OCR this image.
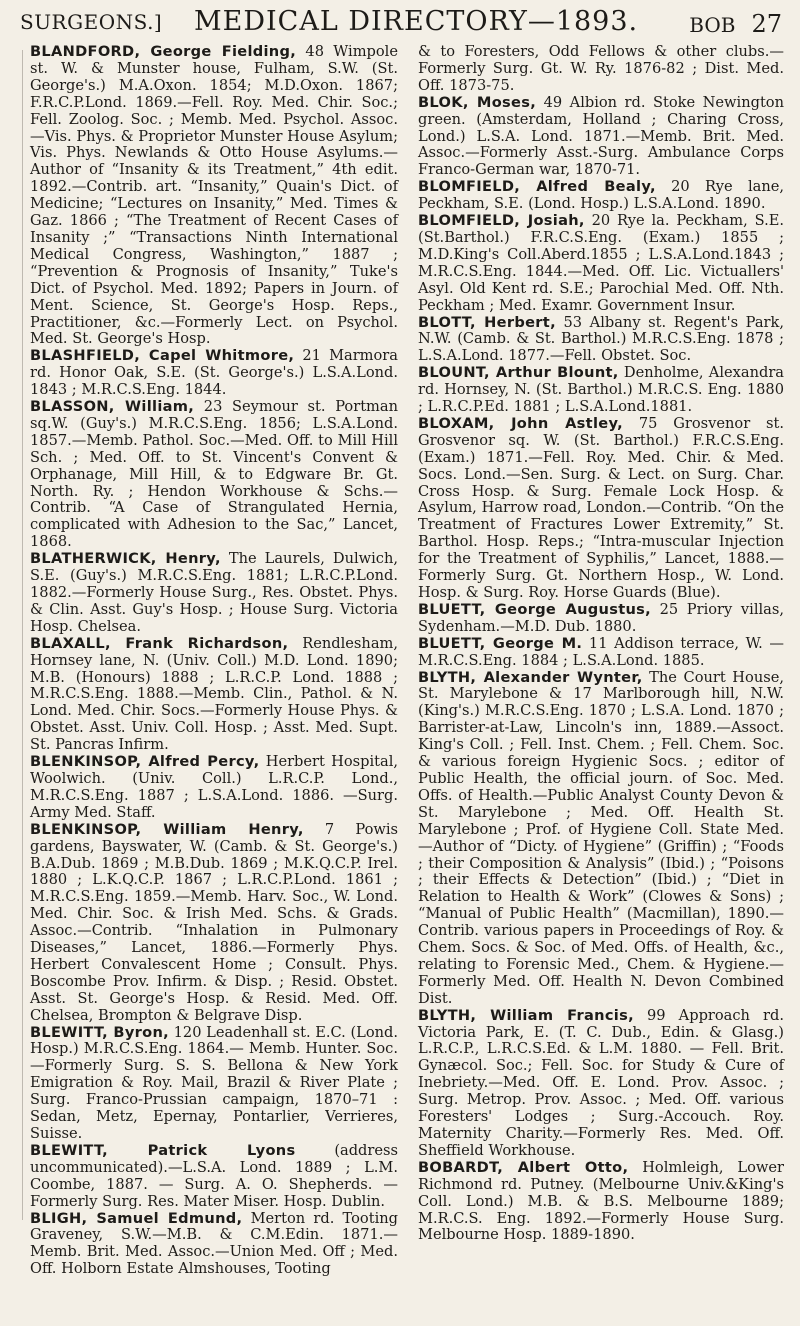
SURGEONS.] MEDICAL DIRECTORY—1893.	BOB 27

BLANDFORD, George Fielding, 48 Wimpole st. W. & Munster house, Fulham, S.W. (St. George's.) M.A.Oxon. 1854; M.D.Oxon. 1867; F.R.C.P.Lond. 1869.—Fell. Roy. Med. Chir. Soc.; Fell. Zoolog. Soc. ; Memb. Med. Psychol. Assoc. —Vis. Phys. & Proprietor Munster House Asylum; Vis. Phys. Newlands & Otto House Asylums.— Author of “Insanity & its Treatment,” 4th edit. 1892.—Contrib. art. “Insanity,” Quain's Dict. of Medicine; “Lectures on Insanity,” Med. Times & Gaz. 1866 ; “The Treatment of Recent Cases of Insanity ;” “Transactions Ninth International Medical Congress, Washington,” 1887 ; “Prevention & Prognosis of Insanity,” Tuke's Dict. of Psychol. Med. 1892; Papers in Journ. of Ment. Science, St. George's Hosp. Reps., Practitioner, &c.—Formerly Lect. on Psychol. Med. St. George's Hosp.

BLASHFIELD, Capel Whitmore, 21 Marmora rd. Honor Oak, S.E. (St. George's.) L.S.A.Lond. 1843 ; M.R.C.S.Eng. 1844.

BLASSON, William, 23 Seymour st. Portman sq.W. (Guy's.) M.R.C.S.Eng. 1856; L.S.A.Lond. 1857.—Memb. Pathol. Soc.—Med. Off. to Mill Hill Sch. ; Med. Off. to St. Vincent's Convent & Orphanage, Mill Hill, & to Edgware Br. Gt. North. Ry. ; Hendon Workhouse & Schs.—Contrib. “A Case of Strangulated Hernia, complicated with Adhesion to the Sac,” Lancet, 1868.

BLATHERWICK, Henry, The Laurels, Dulwich, S.E. (Guy's.) M.R.C.S.Eng. 1881; L.R.C.P.Lond. 1882.—Formerly House Surg., Res. Obstet. Phys. & Clin. Asst. Guy's Hosp. ; House Surg. Victoria Hosp. Chelsea.

BLAXALL, Frank Richardson, Rendlesham, Hornsey lane, N. (Univ. Coll.) M.D. Lond. 1890; M.B. (Honours) 1888 ; L.R.C.P. Lond. 1888 ; M.R.C.S.Eng. 1888.—Memb. Clin., Pathol. & N. Lond. Med. Chir. Socs.—Formerly House Phys. & Obstet. Asst. Univ. Coll. Hosp. ; Asst. Med. Supt. St. Pancras Infirm.

BLENKINSOP, Alfred Percy, Herbert Hospital, Woolwich. (Univ. Coll.) L.R.C.P. Lond., M.R.C.S.Eng. 1887 ; L.S.A.Lond. 1886. —Surg. Army Med. Staff.

BLENKINSOP, William Henry, 7 Powis gardens, Bayswater, W. (Camb. & St. George's.) B.A.Dub. 1869 ; M.B.Dub. 1869 ; M.K.Q.C.P. Irel. 1880 ; L.K.Q.C.P. 1867 ; L.R.C.P.Lond. 1861 ; M.R.C.S.Eng. 1859.—Memb. Harv. Soc., W. Lond. Med. Chir. Soc. & Irish Med. Schs. & Grads. Assoc.—Contrib. “Inhalation in Pulmonary Diseases,” Lancet, 1886.—Formerly Phys. Herbert Convalescent Home ; Consult. Phys. Boscombe Prov. Infirm. & Disp. ; Resid. Obstet. Asst. St. George's Hosp. & Resid. Med. Off. Chelsea, Brompton & Belgrave Disp.

BLEWITT, Byron, 120 Leadenhall st. E.C. (Lond. Hosp.) M.R.C.S.Eng. 1864.— Memb. Hunter. Soc.—Formerly Surg. S. S. Bellona & New York Emigration & Roy. Mail, Brazil & River Plate ; Surg. Franco-Prussian campaign, 1870–71 : Sedan, Metz, Epernay, Pontarlier, Verrieres, Suisse.

BLEWITT, Patrick Lyons (address uncommunicated).—L.S.A. Lond. 1889 ; L.M. Coombe, 1887. — Surg. A. O. Shepherds. — Formerly Surg. Res. Mater Miser. Hosp. Dublin.

BLIGH, Samuel Edmund, Merton rd. Tooting Graveney, S.W.—M.B. & C.M.Edin. 1871.— Memb. Brit. Med. Assoc.—Union Med. Off ; Med. Off. Holborn Estate Almshouses, Tooting

& to Foresters, Odd Fellows & other clubs.— Formerly Surg. Gt. W. Ry. 1876-82 ; Dist. Med. Off. 1873-75.

BLOK, Moses, 49 Albion rd. Stoke Newington green. (Amsterdam, Holland ; Charing Cross, Lond.) L.S.A. Lond. 1871.—Memb. Brit. Med. Assoc.—Formerly Asst.-Surg. Ambulance Corps Franco-German war, 1870-71.

BLOMFIELD, Alfred Bealy, 20 Rye lane, Peckham, S.E. (Lond. Hosp.) L.S.A.Lond. 1890.

BLOMFIELD, Josiah, 20 Rye la. Peckham, S.E. (St.Barthol.) F.R.C.S.Eng. (Exam.) 1855 ; M.D.King's Coll.Aberd.1855 ; L.S.A.Lond.1843 ; M.R.C.S.Eng. 1844.—Med. Off. Lic. Victuallers' Asyl. Old Kent rd. S.E.; Parochial Med. Off. Nth. Peckham ; Med. Examr. Government Insur.

BLOTT, Herbert, 53 Albany st. Regent's Park, N.W. (Camb. & St. Barthol.) M.R.C.S.Eng. 1878 ; L.S.A.Lond. 1877.—Fell. Obstet. Soc.

BLOUNT, Arthur Blount, Denholme, Alexandra rd. Hornsey, N. (St. Barthol.) M.R.C.S. Eng. 1880 ; L.R.C.P.Ed. 1881 ; L.S.A.Lond.1881.

BLOXAM, John Astley, 75 Grosvenor st. Grosvenor sq. W. (St. Barthol.) F.R.C.S.Eng. (Exam.) 1871.—Fell. Roy. Med. Chir. & Med. Socs. Lond.—Sen. Surg. & Lect. on Surg. Char. Cross Hosp. & Surg. Female Lock Hosp. & Asylum, Harrow road, London.—Contrib. “On the Treatment of Fractures Lower Extremity,” St. Barthol. Hosp. Reps.; “Intra-muscular Injection for the Treatment of Syphilis,” Lancet, 1888.—Formerly Surg. Gt. Northern Hosp., W. Lond. Hosp. & Surg. Roy. Horse Guards (Blue).

BLUETT, George Augustus, 25 Priory villas, Sydenham.—M.D. Dub. 1880.

BLUETT, George M. 11 Addison terrace, W. —M.R.C.S.Eng. 1884 ; L.S.A.Lond. 1885.

BLYTH, Alexander Wynter, The Court House, St. Marylebone & 17 Marlborough hill, N.W. (King's.) M.R.C.S.Eng. 1870 ; L.S.A. Lond. 1870 ; Barrister-at-Law, Lincoln's inn, 1889.—Assoct. King's Coll. ; Fell. Inst. Chem. ; Fell. Chem. Soc. & various foreign Hygienic Socs. ; editor of Public Health, the official journ. of Soc. Med. Offs. of Health.—Public Analyst County Devon & St. Marylebone ; Med. Off. Health St. Marylebone ; Prof. of Hygiene Coll. State Med. —Author of “Dicty. of Hygiene” (Griffin) ; “Foods ; their Composition & Analysis” (Ibid.) ; “Poisons ; their Effects & Detection” (Ibid.) ; “Diet in Relation to Health & Work” (Clowes & Sons) ; “Manual of Public Health” (Macmillan), 1890.—Contrib. various papers in Proceedings of Roy. & Chem. Socs. & Soc. of Med. Offs. of Health, &c., relating to Forensic Med., Chem. & Hygiene.—Formerly Med. Off. Health N. Devon Combined Dist.

BLYTH, William Francis, 99 Approach rd. Victoria Park, E. (T. C. Dub., Edin. & Glasg.) L.R.C.P., L.R.C.S.Ed. & L.M. 1880. — Fell. Brit. Gynæcol. Soc.; Fell. Soc. for Study & Cure of Inebriety.—Med. Off. E. Lond. Prov. Assoc. ; Surg. Metrop. Prov. Assoc. ; Med. Off. various Foresters' Lodges ; Surg.-Accouch. Roy. Maternity Charity.—Formerly Res. Med. Off. Sheffield Workhouse.

BOBARDT, Albert Otto, Holmleigh, Lower Richmond rd. Putney. (Melbourne Univ.&King's Coll. Lond.) M.B. & B.S. Melbourne 1889; M.R.C.S. Eng. 1892.—Formerly House Surg. Melbourne Hosp. 1889-1890.
